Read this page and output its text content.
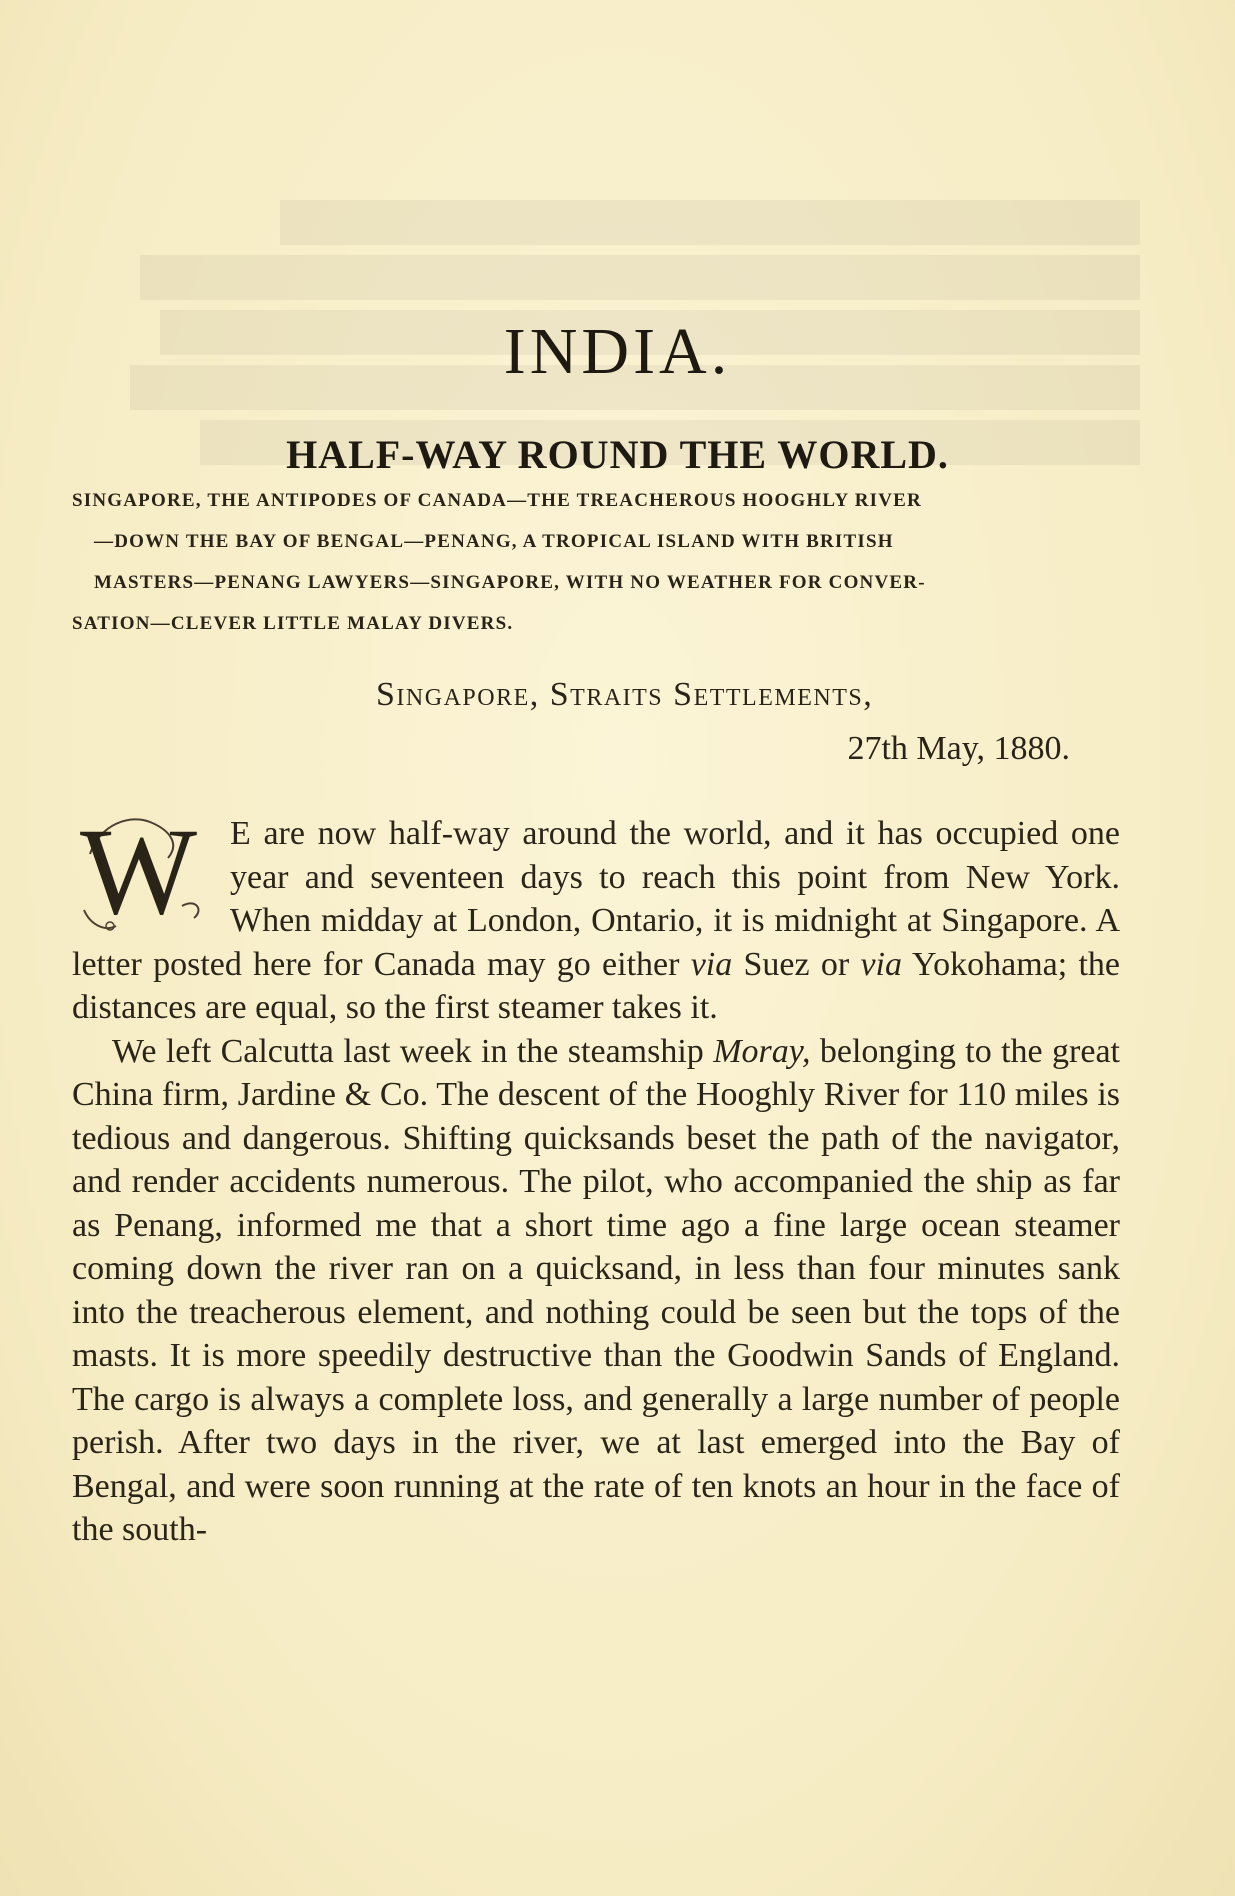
INDIA.
HALF-WAY ROUND THE WORLD.
SINGAPORE, THE ANTIPODES OF CANADA—THE TREACHEROUS HOOGHLY RIVER
—DOWN THE BAY OF BENGAL—PENANG, A TROPICAL ISLAND WITH BRITISH
MASTERS—PENANG LAWYERS—SINGAPORE, WITH NO WEATHER FOR CONVER-
SATION—CLEVER LITTLE MALAY DIVERS.
Singapore, Straits Settlements,
27th May, 1880.

W E are now half-way around the world, and it has occupied one year and seventeen days to reach this point from New York. When midday at London, Ontario, it is midnight at Singapore. A letter posted here for Canada may go either via Suez or via Yokohama; the distances are equal, so the first steamer takes it.

We left Calcutta last week in the steamship Moray, belonging to the great China firm, Jardine & Co. The descent of the Hooghly River for 110 miles is tedious and dangerous. Shifting quicksands beset the path of the navigator, and render accidents numerous. The pilot, who accompanied the ship as far as Penang, informed me that a short time ago a fine large ocean steamer coming down the river ran on a quicksand, in less than four minutes sank into the treacherous element, and nothing could be seen but the tops of the masts. It is more speedily destructive than the Goodwin Sands of England. The cargo is always a complete loss, and generally a large number of people perish. After two days in the river, we at last emerged into the Bay of Bengal, and were soon running at the rate of ten knots an hour in the face of the south-
